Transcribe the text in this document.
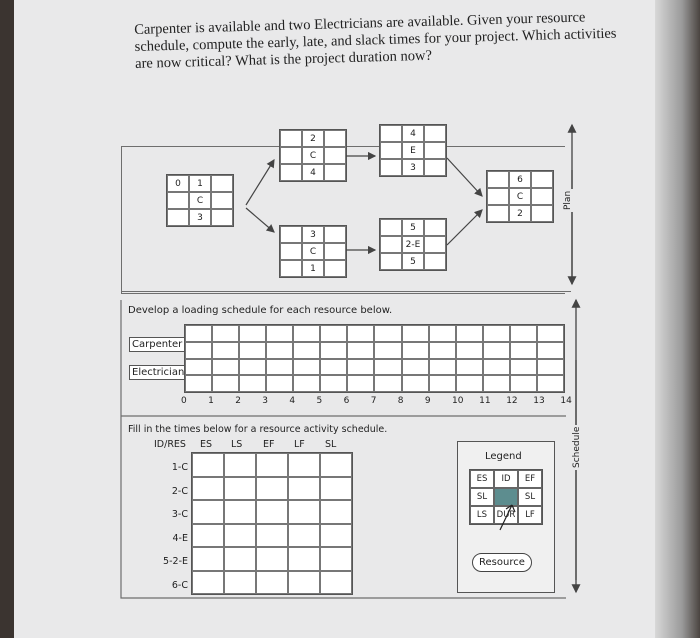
Carpenter is available and two Electricians are available. Given your resource schedule, compute the early, late, and slack times for your project. Which activities are now critical? What is the project duration now?
0	1
C
3
2
C
4
3
C
1
4
E
3
5
2-E
5
6
C
2
Plan
Schedule
Develop a loading schedule for each resource below.
Carpenter
Electrician
0 1 2 3 4 5 6 7 8 9 10 11 12 13 14
Fill in the times below for a resource activity schedule.
ID/RES ES LS EF LF SL
1-C
2-C
3-C
4-E
5-2-E
6-C
Legend
ES	ID	EF
SL	SL
LS	DUR	LF
Resource
